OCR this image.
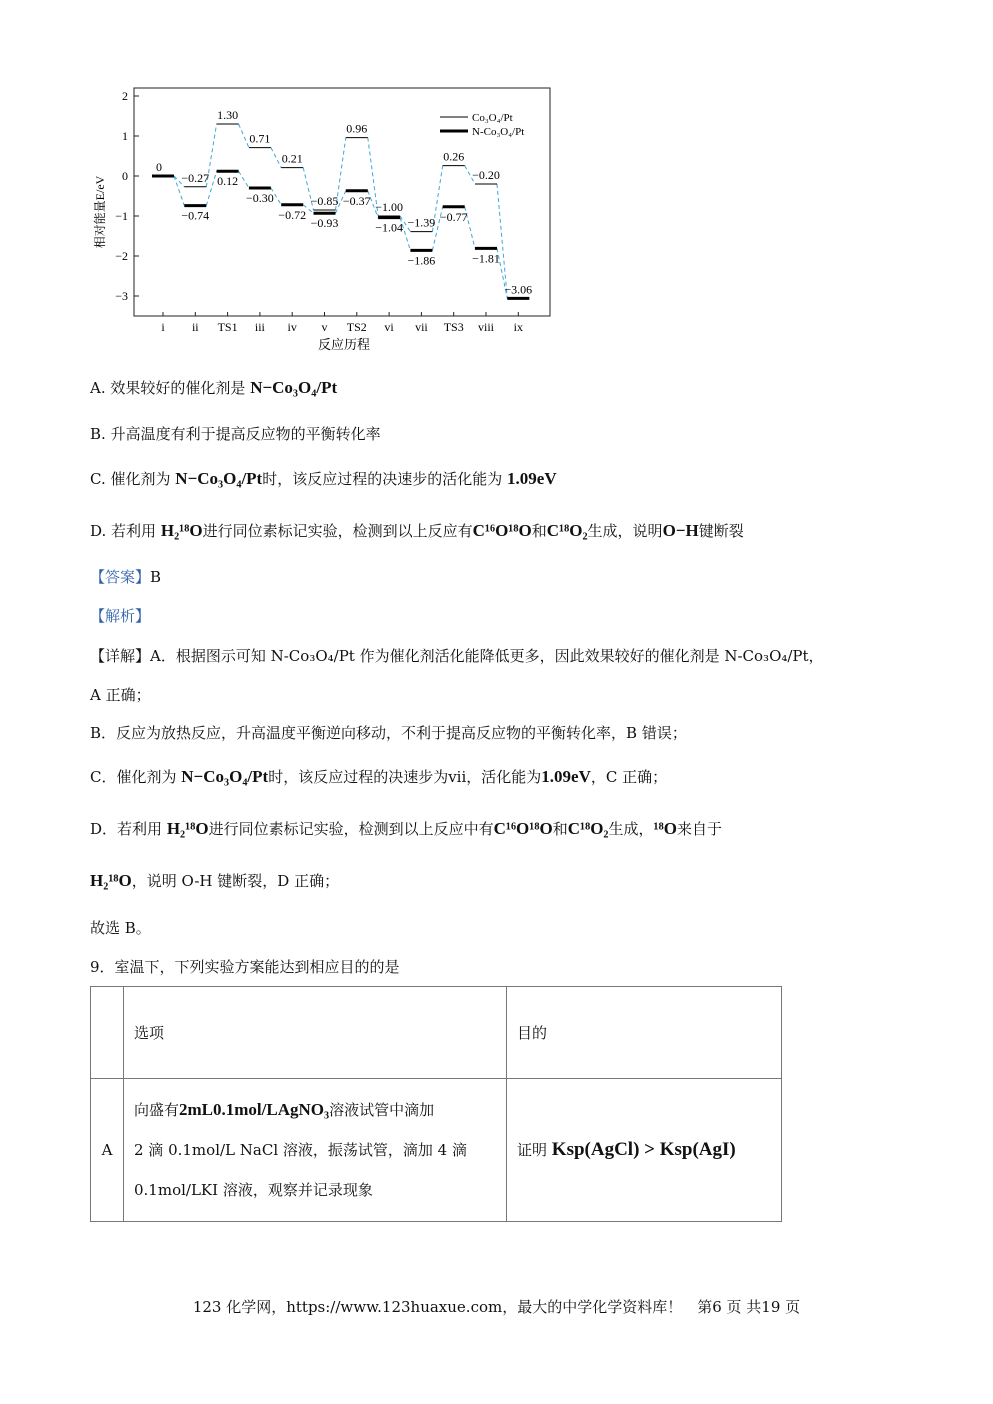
2
1
0
−1
−2
−3
i ii TS1 iii iv v TS2 vi vii TS3 viii ix
0
−0.27
1.30
0.71
0.21
−0.85
0.96
−1.00
−1.39
0.26
−0.20
−3.06
−0.74
0.12
−0.30
−0.72
−0.93
−0.37
−1.04
−1.86
−0.77
−1.81
相对能量E/eV
反应历程
Co₃O₄/Pt
N-Co₃O₄/Pt
A. 效果较好的催化剂是 N−Co₃O₄/Pt
B. 升高温度有利于提高反应物的平衡转化率
C. 催化剂为 N−Co₃O₄/Pt时，该反应过程的决速步的活化能为 1.09eV
D. 若利用 H₂¹⁸O进行同位素标记实验，检测到以上反应有C¹⁶O¹⁸O和C¹⁸O₂生成，说明O−H键断裂
【答案】B
【解析】
【详解】A．根据图示可知 N-Co₃O₄/Pt 作为催化剂活化能降低更多，因此效果较好的催化剂是 N-Co₃O₄/Pt，
A 正确；
B．反应为放热反应，升高温度平衡逆向移动，不利于提高反应物的平衡转化率，B 错误；
C．催化剂为 N−Co₃O₄/Pt时，该反应过程的决速步为vii，活化能为1.09eV，C 正确；
D．若利用 H₂¹⁸O进行同位素标记实验，检测到以上反应中有C¹⁶O¹⁸O和C¹⁸O₂生成，¹⁸O来自于
H₂¹⁸O，说明 O-H 键断裂，D 正确；
故选 B。
9．室温下，下列实验方案能达到相应目的的是
	选项	目的
A	向盛有2mL0.1mol/LAgNO₃溶液试管中滴加
2 滴 0.1mol/L NaCl 溶液，振荡试管，滴加 4 滴
0.1mol/LKI 溶液，观察并记录现象	证明 Ksp(AgCl) > Ksp(AgI)
123 化学网，https://www.123huaxue.com，最大的中学化学资料库！　第6 页 共19 页
